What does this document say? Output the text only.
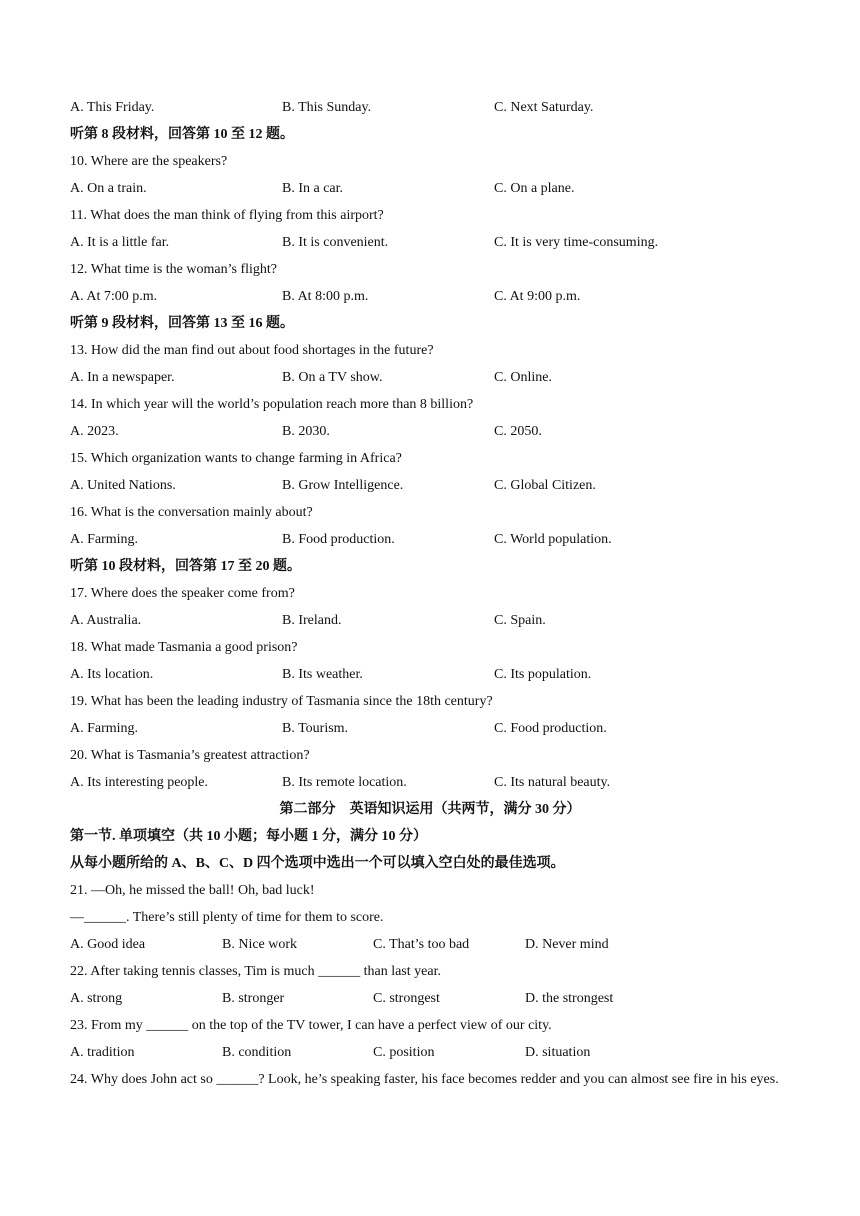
A. This Friday.	B. This Sunday.	C. Next Saturday.
听第 8 段材料，回答第 10 至 12 题。
10. Where are the speakers?
A. On a train.	B. In a car.	C. On a plane.
11. What does the man think of flying from this airport?
A. It is a little far.	B. It is convenient.	C. It is very time-consuming.
12. What time is the woman’s flight?
A. At 7:00 p.m.	B. At 8:00 p.m.	C. At 9:00 p.m.
听第 9 段材料，回答第 13 至 16 题。
13. How did the man find out about food shortages in the future?
A. In a newspaper.	B. On a TV show.	C. Online.
14. In which year will the world’s population reach more than 8 billion?
A. 2023.	B. 2030.	C. 2050.
15. Which organization wants to change farming in Africa?
A. United Nations.	B. Grow Intelligence.	C. Global Citizen.
16. What is the conversation mainly about?
A. Farming.	B. Food production.	C. World population.
听第 10 段材料，回答第 17 至 20 题。
17. Where does the speaker come from?
A. Australia.	B. Ireland.	C. Spain.
18. What made Tasmania a good prison?
A. Its location.	B. Its weather.	C. Its population.
19. What has been the leading industry of Tasmania since the 18th century?
A. Farming.	B. Tourism.	C. Food production.
20. What is Tasmania’s greatest attraction?
A. Its interesting people.	B. Its remote location.	C. Its natural beauty.
第二部分　英语知识运用（共两节，满分 30 分）
第一节. 单项填空（共 10 小题；每小题 1 分，满分 10 分）
从每小题所给的 A、B、C、D 四个选项中选出一个可以填入空白处的最佳选项。
21. —Oh, he missed the ball! Oh, bad luck!
—______. There’s still plenty of time for them to score.
A. Good idea	B. Nice work	C. That’s too bad	D. Never mind
22. After taking tennis classes, Tim is much ______ than last year.
A. strong	B. stronger	C. strongest	D. the strongest
23. From my ______ on the top of the TV tower, I can have a perfect view of our city.
A. tradition	B. condition	C. position	D. situation
24. Why does John act so ______? Look, he’s speaking faster, his face becomes redder and you can almost see fire in his eyes.
